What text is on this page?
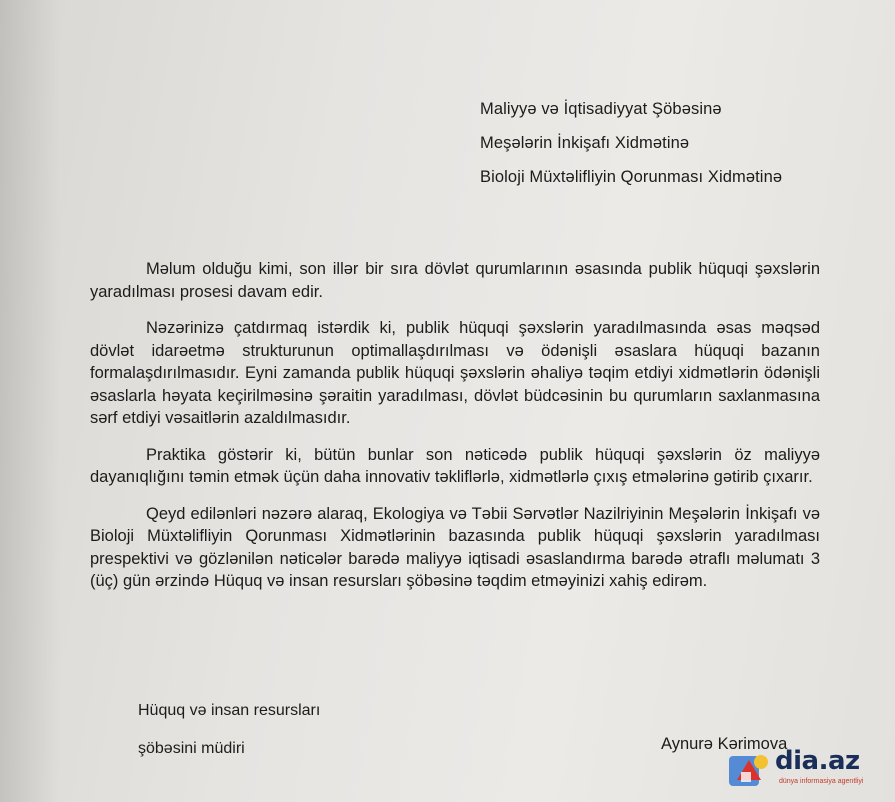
Maliyyə və İqtisadiyyat Şöbəsinə
Meşələrin İnkişafı Xidmətinə
Bioloji Müxtəlifliyin Qorunması Xidmətinə

Məlum olduğu kimi, son illər bir sıra dövlət qurumlarının əsasında publik hüquqi şəxslərin yaradılması prosesi davam edir.

Nəzərinizə çatdırmaq istərdik ki, publik hüquqi şəxslərin yaradılmasında əsas məqsəd dövlət idarəetmə strukturunun optimallaşdırılması və ödənişli əsaslara hüquqi bazanın formalaşdırılmasıdır. Eyni zamanda publik hüquqi şəxslərin əhaliyə təqim etdiyi xidmətlərin ödənişli əsaslarla həyata keçirilməsinə şəraitin yaradılması, dövlət büdcəsinin bu qurumların saxlanmasına sərf etdiyi vəsaitlərin azaldılmasıdır.

Praktika göstərir ki, bütün bunlar son nəticədə publik hüquqi şəxslərin öz maliyyə dayanıqlığını təmin etmək üçün daha innovativ təkliflərlə, xidmətlərlə çıxış etmələrinə gətirib çıxarır.

Qeyd edilənləri nəzərə alaraq, Ekologiya və Təbii Sərvətlər Nazilriyinin Meşələrin İnkişafı və Bioloji Müxtəlifliyin Qorunması Xidmətlərinin bazasında publik hüquqi şəxslərin yaradılması prespektivi və gözlənilən nəticələr barədə maliyyə iqtisadi əsaslandırma barədə ətraflı məlumatı 3 (üç) gün ərzində Hüquq və insan resursları şöbəsinə təqdim etməyinizi xahiş edirəm.

Hüquq və insan resursları
şöbəsini müdiri	Aynurə Kərimova
dia.az
dünya informasiya agentliyi
